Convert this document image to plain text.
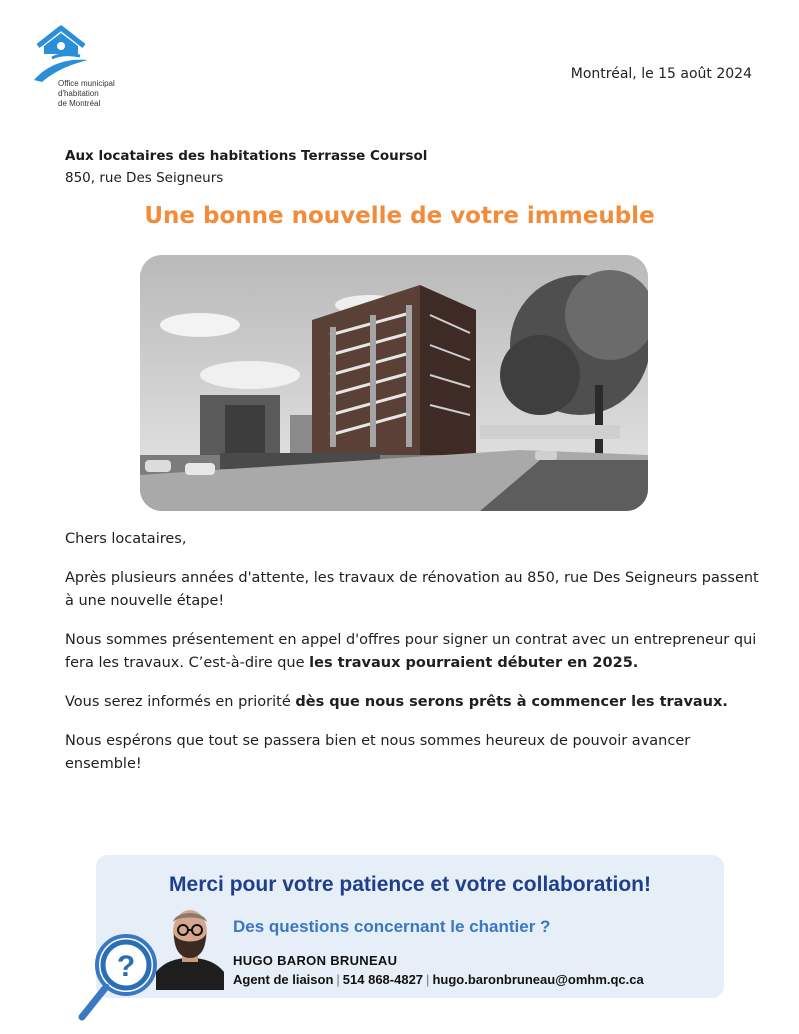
Office municipal
d'habitation
de Montréal
Montréal, le 15 août 2024
Aux locataires des habitations Terrasse Coursol
850, rue Des Seigneurs
Une bonne nouvelle de votre immeuble

Chers locataires,

Après plusieurs années d'attente, les travaux de rénovation au 850, rue Des Seigneurs passent à une nouvelle étape!

Nous sommes présentement en appel d'offres pour signer un contrat avec un entrepreneur qui fera les travaux. C’est-à-dire que les travaux pourraient débuter en 2025.

Vous serez informés en priorité dès que nous serons prêts à commencer les travaux.

Nous espérons que tout se passera bien et nous sommes heureux de pouvoir avancer ensemble!

Merci pour votre patience et votre collaboration!
?
Des questions concernant le chantier ?
HUGO BARON BRUNEAU
Agent de liaison | 514 868-4827 | hugo.baronbruneau@omhm.qc.ca
